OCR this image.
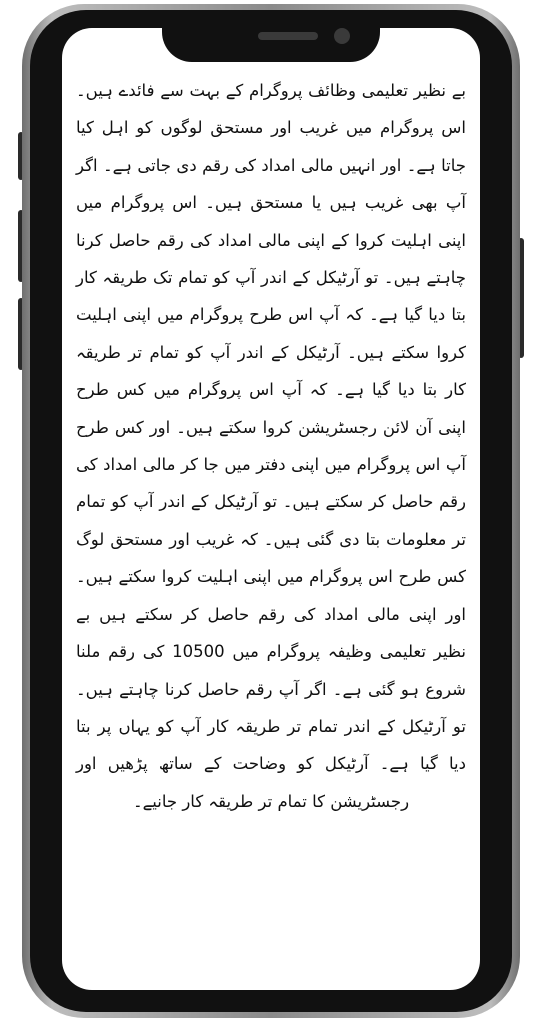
بے نظیر تعلیمی وظائف پروگرام کے بہت سے فائدے ہیں۔ اس پروگرام میں غریب اور مستحق لوگوں کو اہل کیا جاتا ہے۔ اور انہیں مالی امداد کی رقم دی جاتی ہے۔ اگر آپ بھی غریب ہیں یا مستحق ہیں۔ اس پروگرام میں اپنی اہلیت کروا کے اپنی مالی امداد کی رقم حاصل کرنا چاہتے ہیں۔ تو آرٹیکل کے اندر آپ کو تمام تک طریقہ کار بتا دیا گیا ہے۔ کہ آپ اس طرح پروگرام میں اپنی اہلیت کروا سکتے ہیں۔ آرٹیکل کے اندر آپ کو تمام تر طریقہ کار بتا دیا گیا ہے۔ کہ آپ اس پروگرام میں کس طرح اپنی آن لائن رجسٹریشن کروا سکتے ہیں۔ اور کس طرح آپ اس پروگرام میں اپنی دفتر میں جا کر مالی امداد کی رقم حاصل کر سکتے ہیں۔ تو آرٹیکل کے اندر آپ کو تمام تر معلومات بتا دی گئی ہیں۔ کہ غریب اور مستحق لوگ کس طرح اس پروگرام میں اپنی اہلیت کروا سکتے ہیں۔ اور اپنی مالی امداد کی رقم حاصل کر سکتے ہیں بے نظیر تعلیمی وظیفہ پروگرام میں 10500 کی رقم ملنا شروع ہو گئی ہے۔ اگر آپ رقم حاصل کرنا چاہتے ہیں۔ تو آرٹیکل کے اندر تمام تر طریقہ کار آپ کو یہاں پر بتا دیا گیا ہے۔ آرٹیکل کو وضاحت کے ساتھ پڑھیں اور رجسٹریشن کا تمام تر طریقہ کار جانیے۔
